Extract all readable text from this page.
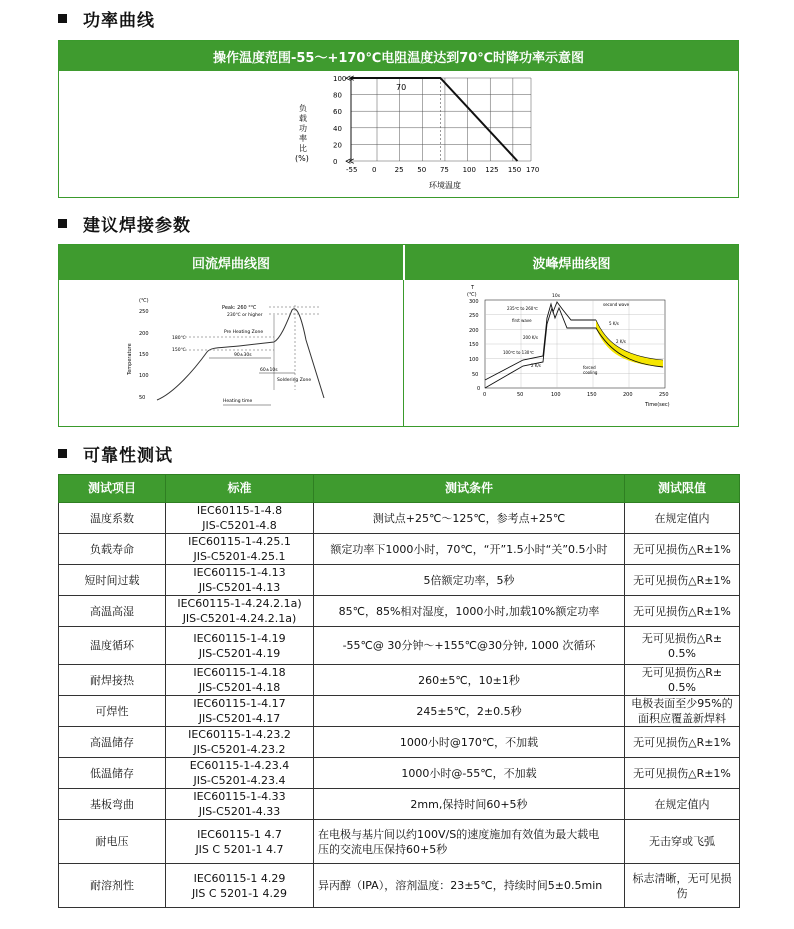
功率曲线
操作温度范围-55～+170℃电阻温度达到70℃时降功率示意图
负载功率比(%)
100
80
60
40
20
0
-55 0	25 50 75 100 125 150 170
70
环境温度
≪
≪
建议焊接参数
回流焊曲线图	波峰焊曲线图
(℃)
Temperature
250
200
150
100
50
Peak: 260 °℃
230℃ or higher
Pre Heating Zone
180℃
150℃
90±30s
60±10s
Soldering Zone
Heating time
T
(℃)
300
250
200
150
100
50
0
0	50	100	150	200	250
Time(sec)
10s
second wave
235℃ to 260℃
first wave
5 K/s
200 K/s
2 K/s
100℃ to 130℃
forced
cooling
2 K/s
可靠性测试
测试项目	标准	测试条件	测试限值
温度系数	IEC60115-1-4.8
JIS-C5201-4.8	测试点+25℃～125℃，参考点+25℃	在规定值内
负载寿命	IEC60115-1-4.25.1
JIS-C5201-4.25.1	额定功率下1000小时，70℃，“开”1.5小时“关”0.5小时	无可见损伤△R±1%
短时间过载	IEC60115-1-4.13
JIS-C5201-4.13	5倍额定功率，5秒	无可见损伤△R±1%
高温高湿	IEC60115-1-4.24.2.1a)
JIS-C5201-4.24.2.1a)	85℃，85%相对湿度，1000小时,加载10%额定功率	无可见损伤△R±1%
温度循环	IEC60115-1-4.19
JIS-C5201-4.19	-55℃@ 30分钟～+155℃@30分钟, 1000 次循环	无可见损伤△R±
0.5%
耐焊接热	IEC60115-1-4.18
JIS-C5201-4.18	260±5℃，10±1秒	无可见损伤△R±
0.5%
可焊性	IEC60115-1-4.17
JIS-C5201-4.17	245±5℃，2±0.5秒	电极表面至少95%的
面积应覆盖新焊料
高温储存	IEC60115-1-4.23.2
JIS-C5201-4.23.2	1000小时@170℃，不加载	无可见损伤△R±1%
低温储存	EC60115-1-4.23.4
JIS-C5201-4.23.4	1000小时@-55℃，不加载	无可见损伤△R±1%
基板弯曲	IEC60115-1-4.33
JIS-C5201-4.33	2mm,保持时间60+5秒	在规定值内
耐电压	IEC60115-1 4.7
JIS C 5201-1 4.7	在电极与基片间以约100V/S的速度施加有效值为最大载电
压的交流电压保持60+5秒	无击穿或飞弧
耐溶剂性	IEC60115-1 4.29
JIS C 5201-1 4.29	异丙醇（IPA），溶剂温度：23±5℃，持续时间5±0.5min	标志清晰，无可见损
伤
